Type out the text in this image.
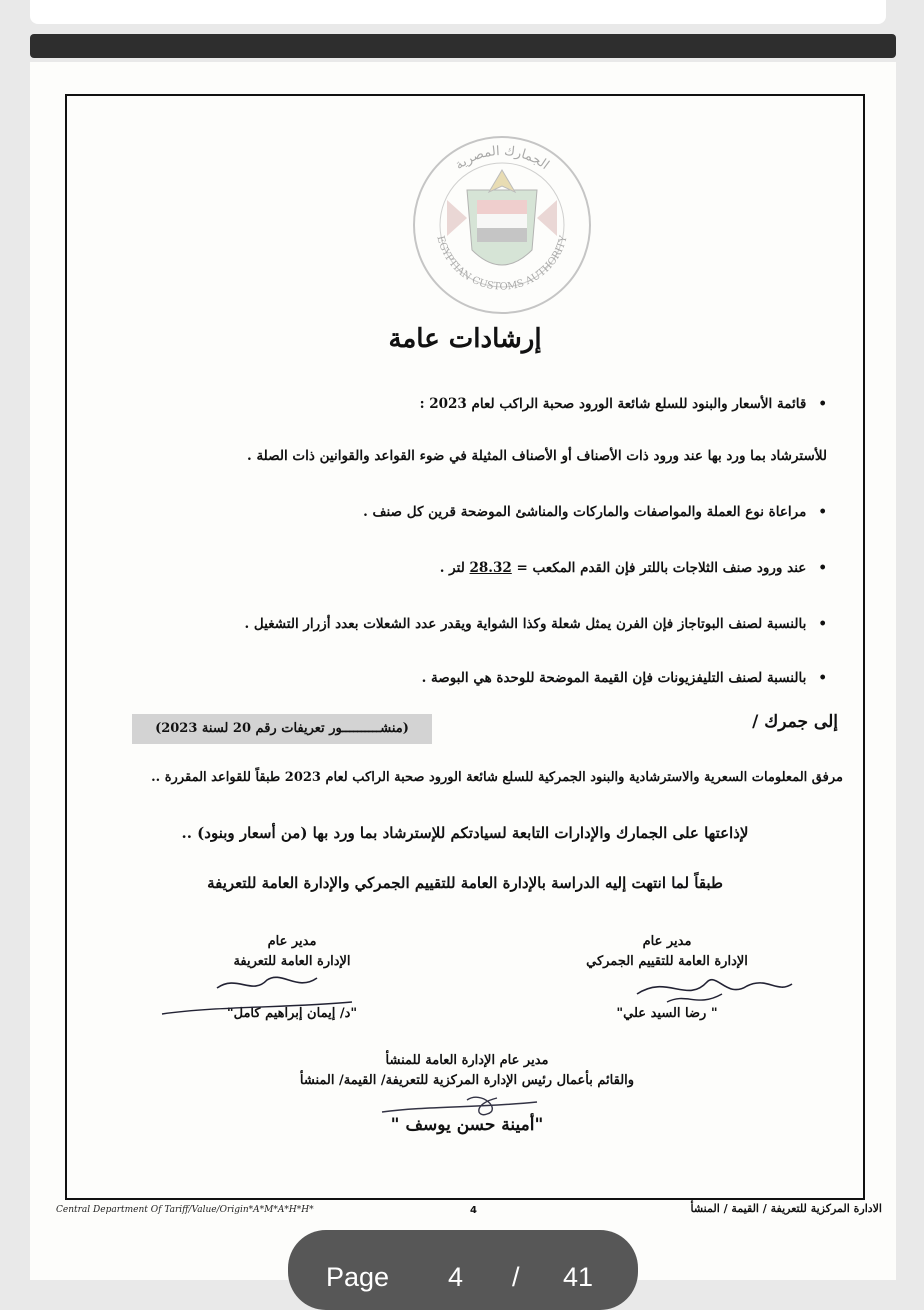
الجمارك المصرية
EGYPTIAN CUSTOMS AUTHORITY
إرشادات عامة
• قائمة الأسعار والبنود للسلع شائعة الورود صحبة الراكب لعام 2023 :
للأسترشاد بما ورد بها عند ورود ذات الأصناف أو الأصناف المثيلة في ضوء القواعد والقوانين ذات الصلة .
• مراعاة نوع العملة والمواصفات والماركات والمناشئ الموضحة قرين كل صنف .
• عند ورود صنف الثلاجات باللتر فإن القدم المكعب = 28.32 لتر .
• بالنسبة لصنف البوتاجاز فإن الفرن يمثل شعلة وكذا الشواية ويقدر عدد الشعلات بعدد أزرار التشغيل .
• بالنسبة لصنف التليفزيونات فإن القيمة الموضحة للوحدة هي البوصة .
إلى جمرك /
(منشــــــــــور تعريفات رقم 20 لسنة 2023)
مرفق المعلومات السعرية والاسترشادية والبنود الجمركية للسلع شائعة الورود صحبة الراكب لعام 2023 طبقاً للقواعد المقررة ..
لإذاعتها على الجمارك والإدارات التابعة لسيادتكم للإسترشاد بما ورد بها (من أسعار وبنود) ..
طبقاً لما انتهت إليه الدراسة بالإدارة العامة للتقييم الجمركي والإدارة العامة للتعريفة
مدير عام
الإدارة العامة للتقييم الجمركي
" رضا السيد علي"
مدير عام
الإدارة العامة للتعريفة
"د/ إيمان إبراهيم كامل"
مدير عام الإدارة العامة للمنشأ
والقائم بأعمال رئيس الإدارة المركزية للتعريفة/ القيمة/ المنشأ
"أمينة حسن يوسف "
Central Department Of Tariff/Value/Origin*A*M*A*H*H*	4	الادارة المركزية للتعريفة / القيمة / المنشأ
Page 4 / 41
